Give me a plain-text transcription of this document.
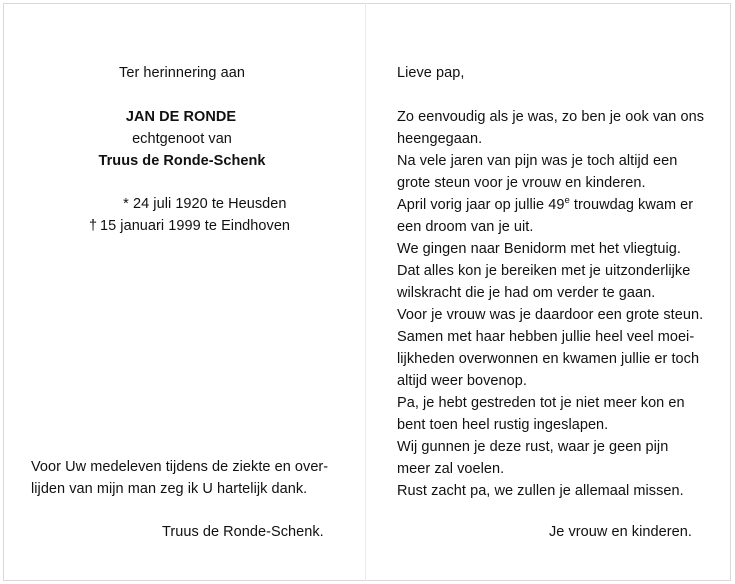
Ter herinnering aan
JAN DE RONDE
echtgenoot van
Truus de Ronde-Schenk
* 24 juli 1920 te Heusden
† 15 januari 1999 te Eindhoven
Voor Uw medeleven tijdens de ziekte en over-
lijden van mijn man zeg ik U hartelijk dank.
Truus de Ronde-Schenk.
Lieve pap,
Zo eenvoudig als je was, zo ben je ook van ons
heengegaan.
Na vele jaren van pijn was je toch altijd een
grote steun voor je vrouw en kinderen.
April vorig jaar op jullie 49e trouwdag kwam er
een droom van je uit.
We gingen naar Benidorm met het vliegtuig.
Dat alles kon je bereiken met je uitzonderlijke
wilskracht die je had om verder te gaan.
Voor je vrouw was je daardoor een grote steun.
Samen met haar hebben jullie heel veel moei-
lijkheden overwonnen en kwamen jullie er toch
altijd weer bovenop.
Pa, je hebt gestreden tot je niet meer kon en
bent toen heel rustig ingeslapen.
Wij gunnen je deze rust, waar je geen pijn
meer zal voelen.
Rust zacht pa, we zullen je allemaal missen.
Je vrouw en kinderen.
